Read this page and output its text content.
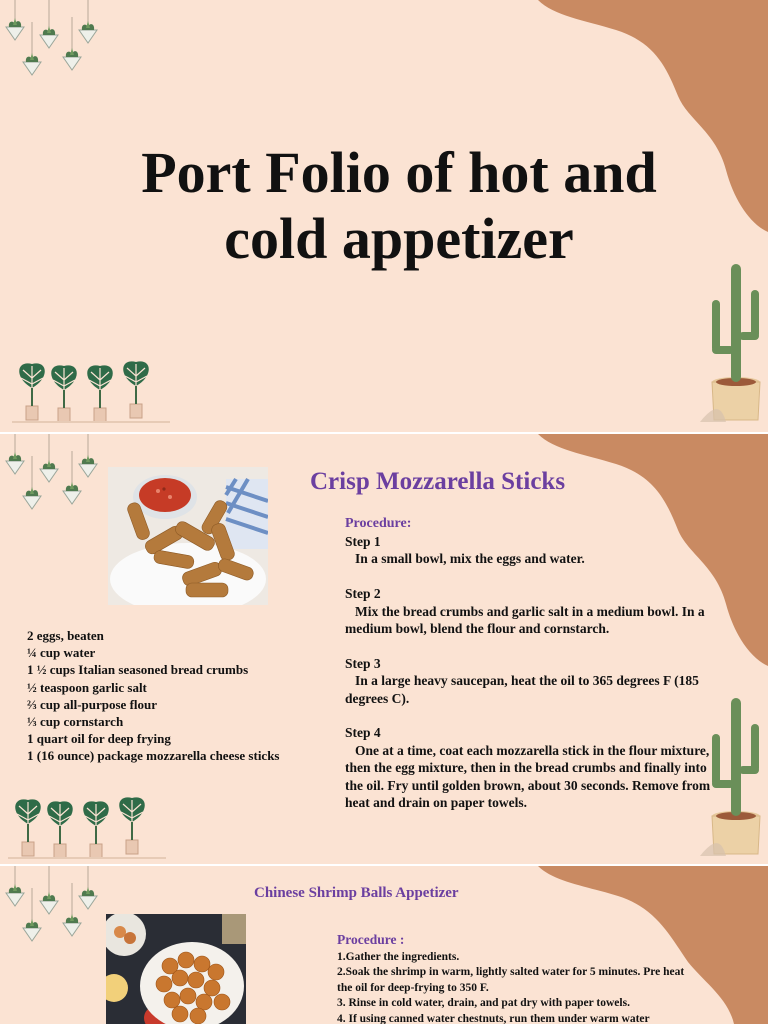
Port Folio of hot and cold appetizer
Crisp Mozzarella Sticks
Procedure:
Step 1
In a small bowl, mix the eggs and water.
Step 2
Mix the bread crumbs and garlic salt in a medium bowl. In a medium bowl, blend the flour and cornstarch.
Step 3
In a large heavy saucepan, heat the oil to 365 degrees F (185 degrees C).
Step 4
One at a time, coat each mozzarella stick in the flour mixture, then the egg mixture, then in the bread crumbs and finally into the oil. Fry until golden brown, about 30 seconds. Remove from heat and drain on paper towels.
2 eggs, beaten
¼ cup water
1 ½ cups Italian seasoned bread crumbs
½ teaspoon garlic salt
⅔ cup all-purpose flour
⅓ cup cornstarch
1 quart oil for deep frying
1 (16 ounce) package mozzarella cheese sticks
Chinese Shrimp Balls Appetizer
Procedure :
1.Gather the ingredients.
2.Soak the shrimp in warm, lightly salted water for 5 minutes. Pre heat the oil for deep-frying to 350 F.
3. Rinse in cold water, drain, and pat dry with paper towels.
4. If using canned water chestnuts, run them under warm water
